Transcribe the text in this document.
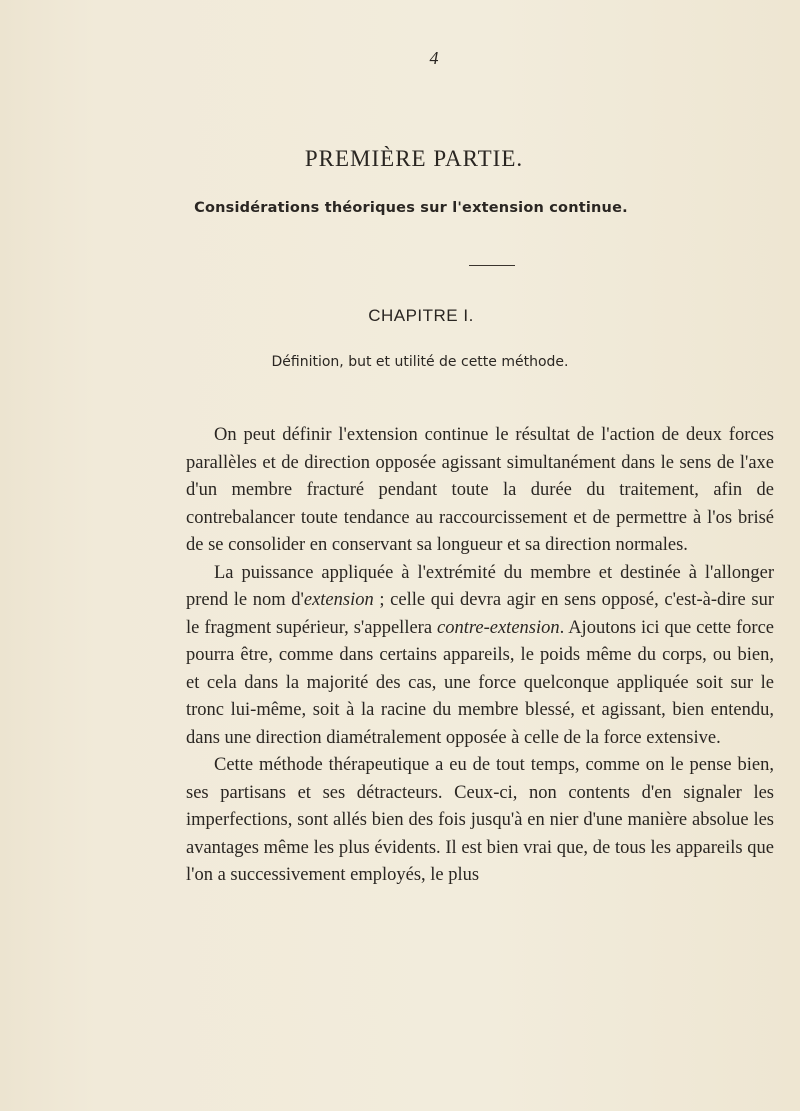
4
PREMIÈRE PARTIE.
Considérations théoriques sur l'extension continue.
CHAPITRE I.
Définition, but et utilité de cette méthode.

On peut définir l'extension continue le résultat de l'action de deux forces parallèles et de direction opposée agissant simultanément dans le sens de l'axe d'un membre fracturé pendant toute la durée du traitement, afin de contrebalancer toute tendance au raccourcissement et de permettre à l'os brisé de se consolider en conservant sa longueur et sa direction normales.

La puissance appliquée à l'extrémité du membre et destinée à l'allonger prend le nom d'extension ; celle qui devra agir en sens opposé, c'est-à-dire sur le fragment supérieur, s'appellera contre-extension. Ajoutons ici que cette force pourra être, comme dans certains appareils, le poids même du corps, ou bien, et cela dans la majorité des cas, une force quelconque appliquée soit sur le tronc lui-même, soit à la racine du membre blessé, et agissant, bien entendu, dans une direction diamétralement opposée à celle de la force extensive.

Cette méthode thérapeutique a eu de tout temps, comme on le pense bien, ses partisans et ses détracteurs. Ceux-ci, non contents d'en signaler les imperfections, sont allés bien des fois jusqu'à en nier d'une manière absolue les avantages même les plus évidents. Il est bien vrai que, de tous les appareils que l'on a successivement employés, le plus
